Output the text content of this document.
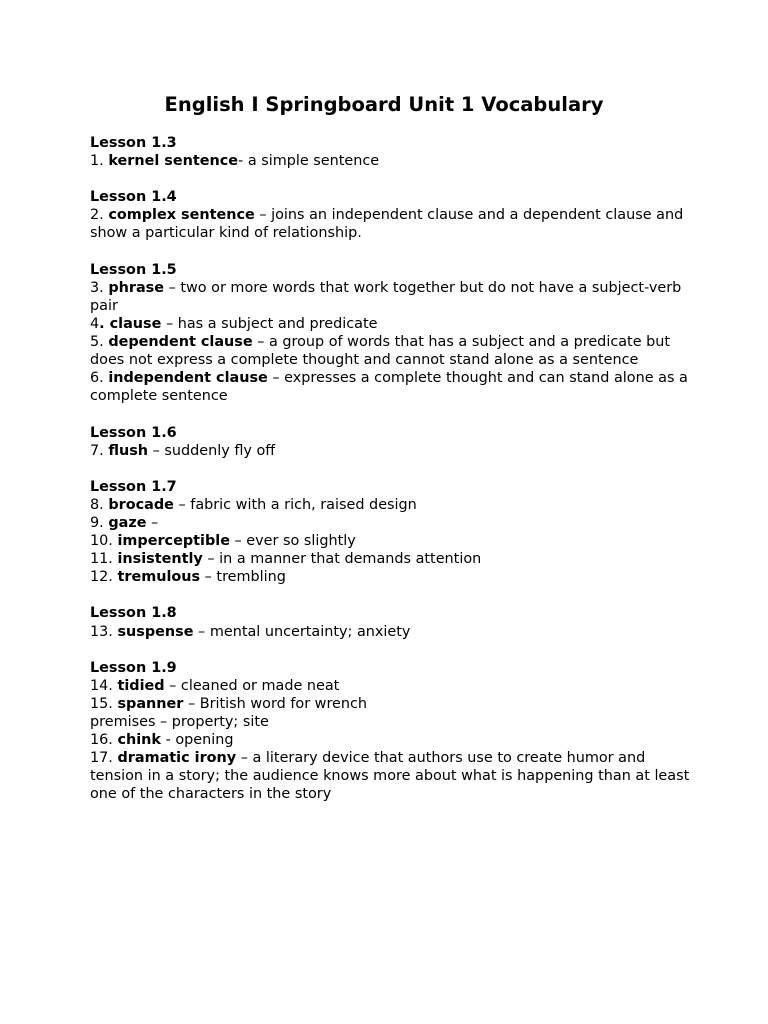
English I Springboard Unit 1 Vocabulary
Lesson 1.3
1. kernel sentence- a simple sentence
Lesson 1.4
2. complex sentence – joins an independent clause and a dependent clause and show a particular kind of relationship.
Lesson 1.5
3. phrase – two or more words that work together but do not have a subject-verb pair
4. clause – has a subject and predicate
5. dependent clause – a group of words that has a subject and a predicate but does not express a complete thought and cannot stand alone as a sentence
6. independent clause – expresses a complete thought and can stand alone as a complete sentence
Lesson 1.6
7. flush – suddenly fly off
Lesson 1.7
8. brocade – fabric with a rich, raised design
9. gaze –
10. imperceptible – ever so slightly
11. insistently – in a manner that demands attention
12. tremulous – trembling
Lesson 1.8
13. suspense – mental uncertainty; anxiety
Lesson 1.9
14. tidied – cleaned or made neat
15. spanner – British word for wrench
premises – property; site
16. chink - opening
17. dramatic irony – a literary device that authors use to create humor and tension in a story; the audience knows more about what is happening than at least one of the characters in the story
